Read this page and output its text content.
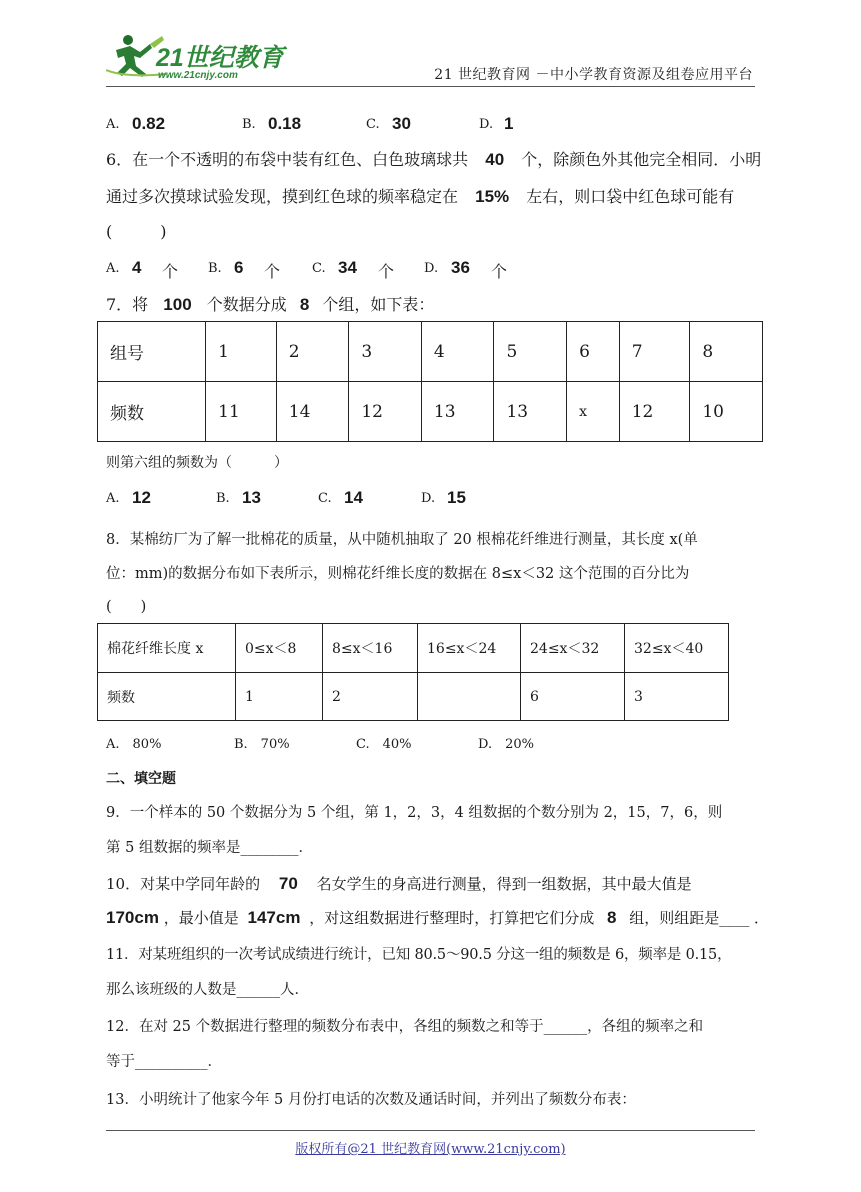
21世纪教育
www.21cnjy.com	21 世纪教育网 －中小学教育资源及组卷应用平台
A. 0.82	B. 0.18	C. 30	D. 1
6．在一个不透明的布袋中装有红色、白色玻璃球共 40 个，除颜色外其他完全相同．小明
通过多次摸球试验发现，摸到红色球的频率稳定在 15% 左右，则口袋中红色球可能有
(　　　)
A. 4 个 B. 6 个 C. 34 个 D. 36 个
7．将 100 个数据分成 8 个组，如下表：
组号	1	2	3	4	5	6	7	8
频数	11	14	12	13	13	x	12	10
则第六组的频数为（　　　）
A. 12	B. 13	C. 14	D. 15
8．某棉纺厂为了解一批棉花的质量，从中随机抽取了 20 根棉花纤维进行测量，其长度 x(单
位：mm)的数据分布如下表所示，则棉花纤维长度的数据在 8≤x＜32 这个范围的百分比为
(　　)
棉花纤维长度 x	0≤x＜8	8≤x＜16	16≤x＜24	24≤x＜32	32≤x＜40
频数	1	2		6	3
A.　80%	B.　70%	C.　40%	D.　20%
二、填空题
9．一个样本的 50 个数据分为 5 个组，第 1，2，3，4 组数据的个数分别为 2，15，7，6，则
第 5 组数据的频率是________．
10．对某中学同年龄的 70 名女学生的身高进行测量，得到一组数据，其中最大值是
170cm ，最小值是 147cm ，对这组数据进行整理时，打算把它们分成 8 组，则组距是____ ．
11．对某班组织的一次考试成绩进行统计，已知 80.5～90.5 分这一组的频数是 6，频率是 0.15，
那么该班级的人数是______人．
12．在对 25 个数据进行整理的频数分布表中，各组的频数之和等于______，各组的频率之和
等于__________．
13．小明统计了他家今年 5 月份打电话的次数及通话时间，并列出了频数分布表：
版权所有@21 世纪教育网(www.21cnjy.com)
